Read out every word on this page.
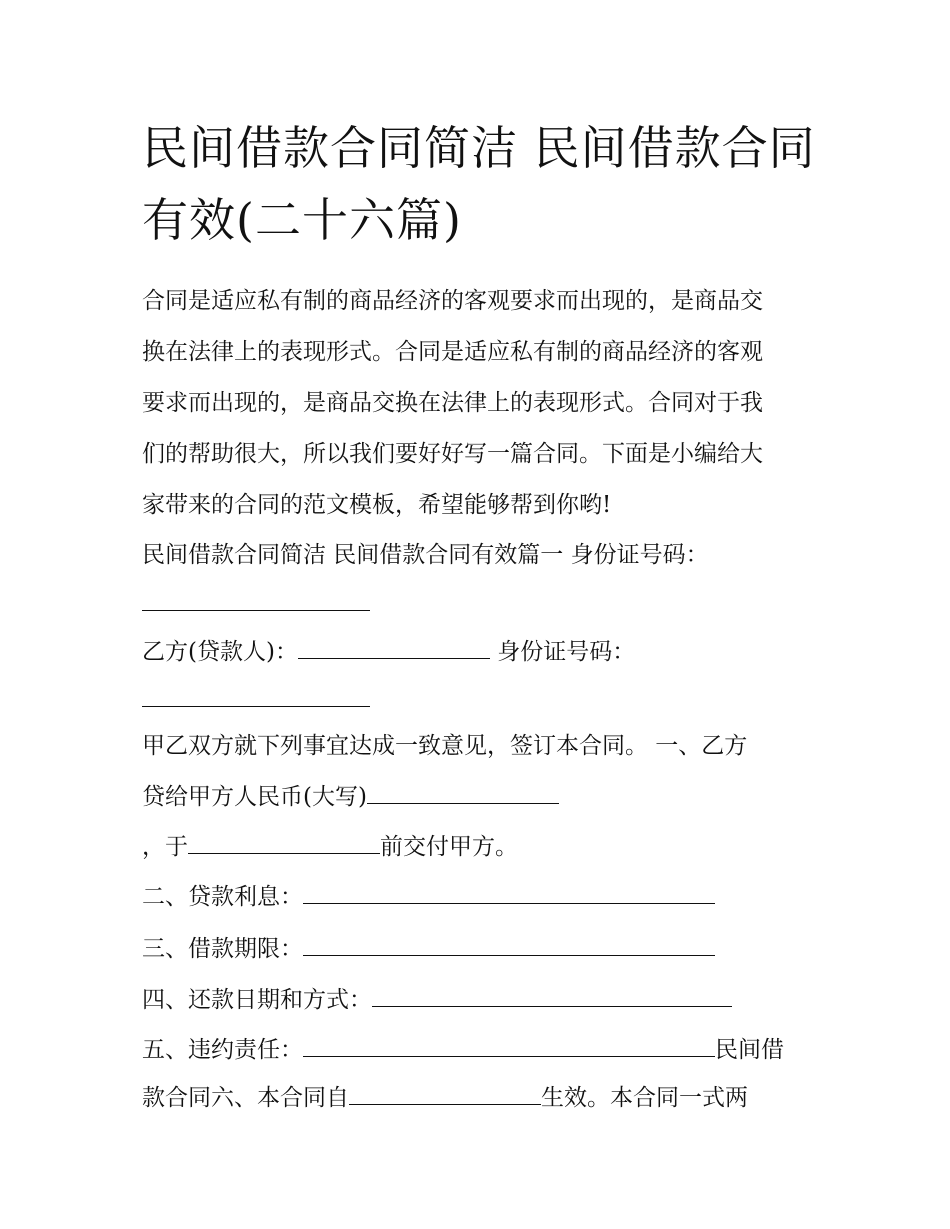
民间借款合同简洁 民间借款合同有效(二十六篇)
合同是适应私有制的商品经济的客观要求而出现的，是商品交
换在法律上的表现形式。合同是适应私有制的商品经济的客观
要求而出现的，是商品交换在法律上的表现形式。合同对于我
们的帮助很大，所以我们要好好写一篇合同。下面是小编给大
家带来的合同的范文模板，希望能够帮到你哟!
民间借款合同简洁 民间借款合同有效篇一 身份证号码：
乙方(贷款人)：	身份证号码：
甲乙双方就下列事宜达成一致意见，签订本合同。 一、乙方
贷给甲方人民币(大写)
，于	前交付甲方。
二、贷款利息：
三、借款期限：
四、还款日期和方式：
五、违约责任：	民间借
款合同六、本合同自	生效。本合同一式两
